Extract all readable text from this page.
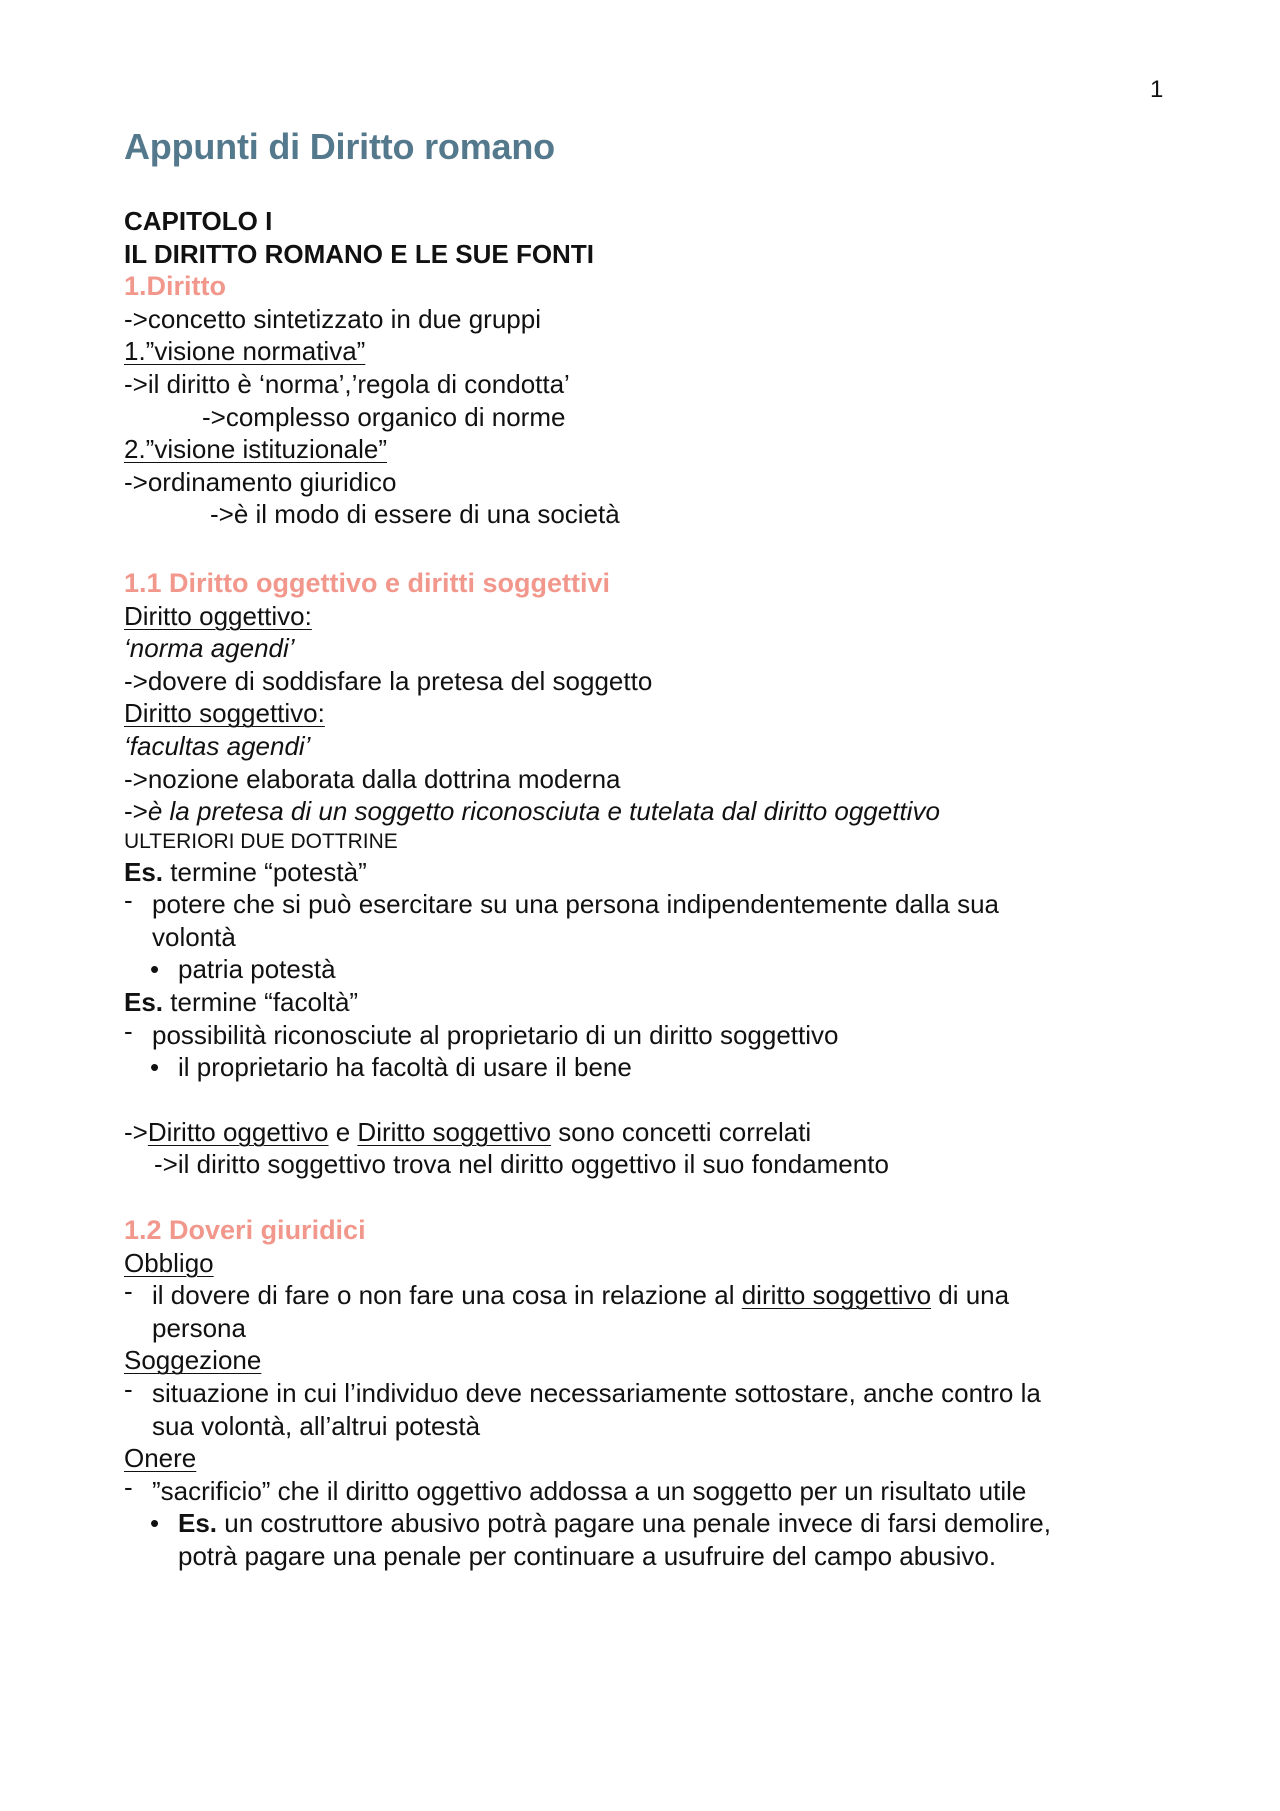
1
Appunti di Diritto romano
CAPITOLO I
IL DIRITTO ROMANO E LE SUE FONTI
1.Diritto
->concetto sintetizzato in due gruppi
1.”visione normativa”
->il diritto è ‘norma’,’regola di condotta’
->complesso organico di norme
2.”visione istituzionale”
->ordinamento giuridico
->è il modo di essere di una società
1.1 Diritto oggettivo e diritti soggettivi
Diritto oggettivo:
‘norma agendi’
->dovere di soddisfare la pretesa del soggetto
Diritto soggettivo:
‘facultas agendi’
->nozione elaborata dalla dottrina moderna
->è la pretesa di un soggetto riconosciuta e tutelata dal diritto oggettivo
ULTERIORI DUE DOTTRINE
Es. termine “potestà”
- potere che si può esercitare su una persona indipendentemente dalla sua
volontà
• patria potestà
Es. termine “facoltà”
- possibilità riconosciute al proprietario di un diritto soggettivo
• il proprietario ha facoltà di usare il bene
->Diritto oggettivo e Diritto soggettivo sono concetti correlati
->il diritto soggettivo trova nel diritto oggettivo il suo fondamento
1.2 Doveri giuridici
Obbligo
- il dovere di fare o non fare una cosa in relazione al diritto soggettivo di una
persona
Soggezione
- situazione in cui l’individuo deve necessariamente sottostare, anche contro la
sua volontà, all’altrui potestà
Onere
- ”sacrificio” che il diritto oggettivo addossa a un soggetto per un risultato utile
• Es. un costruttore abusivo potrà pagare una penale invece di farsi demolire,
potrà pagare una penale per continuare a usufruire del campo abusivo.
